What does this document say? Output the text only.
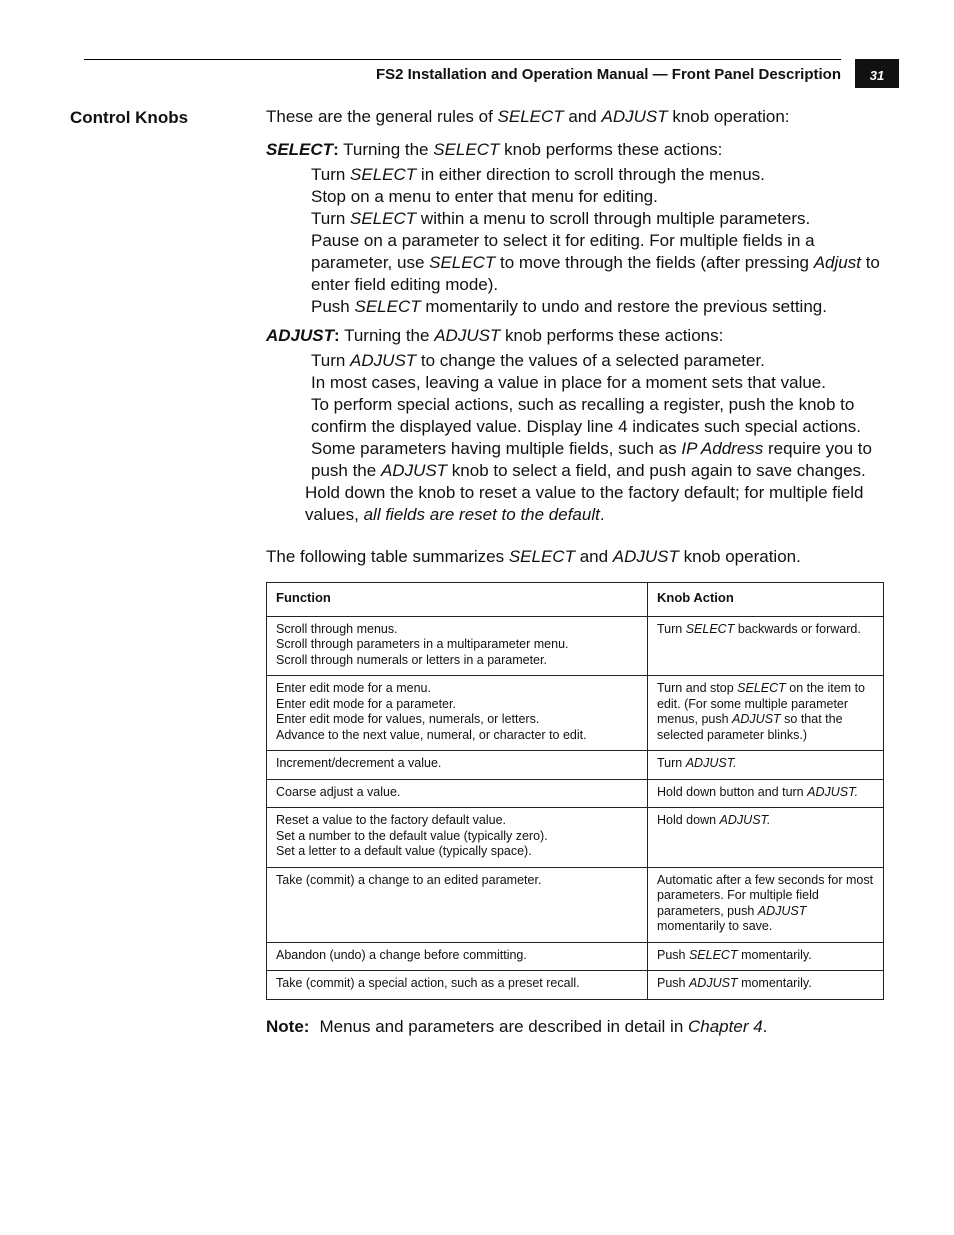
FS2 Installation and Operation Manual — Front Panel Description	31
Control Knobs	These are the general rules of SELECT and ADJUST knob operation:

SELECT: Turning the SELECT knob performs these actions:

Turn SELECT in either direction to scroll through the menus.
Stop on a menu to enter that menu for editing.
Turn SELECT within a menu to scroll through multiple parameters.
Pause on a parameter to select it for editing. For multiple fields in a parameter, use SELECT to move through the fields (after pressing Adjust to enter field editing mode).
Push SELECT momentarily to undo and restore the previous setting.

ADJUST: Turning the ADJUST knob performs these actions:

Turn ADJUST to change the values of a selected parameter.
In most cases, leaving a value in place for a moment sets that value.
To perform special actions, such as recalling a register, push the knob to confirm the displayed value. Display line 4 indicates such special actions.
Some parameters having multiple fields, such as IP Address require you to push the ADJUST knob to select a field, and push again to save changes.
Hold down the knob to reset a value to the factory default; for multiple field values, all fields are reset to the default.

The following table summarizes SELECT and ADJUST knob operation.

Function	Knob Action

Scroll through menus.
Scroll through parameters in a multiparameter menu.
Scroll through numerals or letters in a parameter.	Turn SELECT backwards or forward.

Enter edit mode for a menu.
Enter edit mode for a parameter.
Enter edit mode for values, numerals, or letters.
Advance to the next value, numeral, or character to edit.	Turn and stop SELECT on the item to edit. (For some multiple parameter menus, push ADJUST so that the selected parameter blinks.)

Increment/decrement a value.	Turn ADJUST.

Coarse adjust a value.	Hold down button and turn ADJUST.

Reset a value to the factory default value.
Set a number to the default value (typically zero).
Set a letter to a default value (typically space).	Hold down ADJUST.

Take (commit) a change to an edited parameter.	Automatic after a few seconds for most parameters. For multiple field parameters, push ADJUST momentarily to save.

Abandon (undo) a change before committing.	Push SELECT momentarily.

Take (commit) a special action, such as a preset recall.	Push ADJUST momentarily.

Note: Menus and parameters are described in detail in Chapter 4.
